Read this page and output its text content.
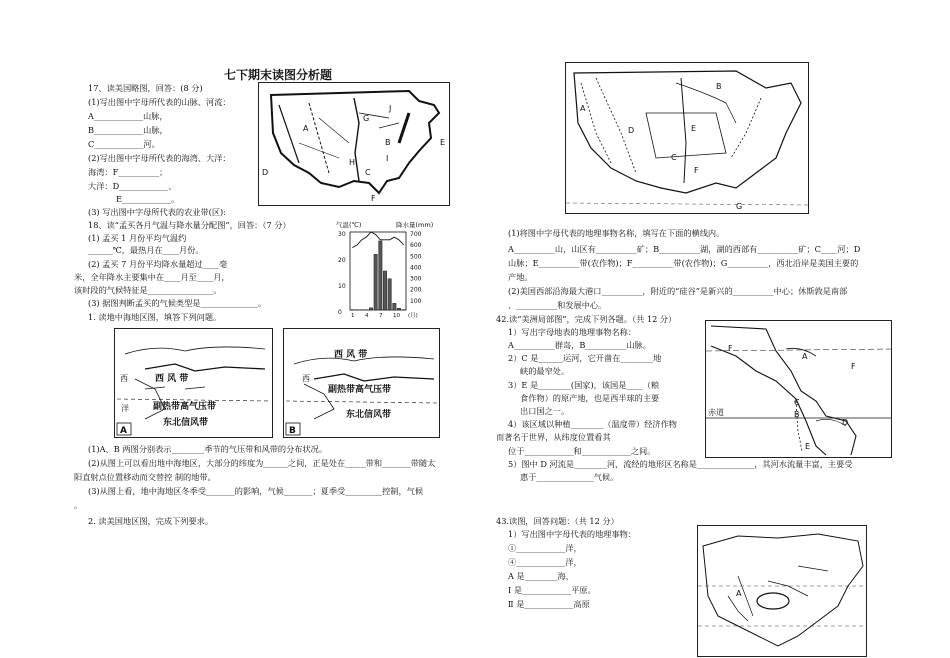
七下期末读图分析题
17、读美国略图，回答：(8 分)
(1)写出图中字母所代表的山脉、河流：
A____________山脉，
B____________山脉，
C____________河。
(2)写出图中字母所代表的海湾、大洋：
海湾：F__________；
大洋：D____________、
E____________。
(3) 写出图中字母所代表的农业带(区):
A
B
C
D
E
F
G
H	I
J
18、读“孟买各月气温与降水量分配图”，回答：（7 分）
(1) 孟买 1 月份平均气温约
______℃，最热月在____月份。
(2) 孟买 7 月份平均降水量超过____毫
米，全年降水主要集中在____月至____月，
该时段的气候特征是________________。
(3) 据图判断孟买的气候类型是______________。
气温(℃)	降水量(mm)
30
20
10
0
700
600
500
400
300
200
100
1 4 7 10 (月)
1. 读地中海地区图，填答下列问题。
A
西	西 风 带
副热带高气压带
东北信风带
洋
B
西
西 风 带
副热带高气压带
东北信风带
(1)A、B 两图分别表示________季节的气压带和风带的分布状况。
(2)从图上可以看出地中海地区，大部分的纬度为______之间，正是处在_____带和_______带随太
阳直射点位置移动而交替控 制的地带。
(3)从图上看，地中海地区冬季受_______的影响，气候_______；夏季受_________控制，气候
。
2. 读美国地区图，完成下列要求。
A
B
C
D	E
F
G
(1)将图中字母代表的地理事物名称，填写在下面的横线内。
A__________山，山区有__________矿；B__________湖，湖的西部有__________矿；C____河；D
山脉；E__________带(农作物)；F__________带(农作物)；G__________，西北沿岸是美国主要的
产地。
(2)美国西部沿海最大港口__________，附近的“硅谷”是新兴的__________中心；休斯敦是南部
、__________和发展中心。
42.读“美洲局部图”，完成下列各题。（共 12 分）
1）写出字母地表的地理事物名称：
A__________群岛，B__________山脉。
2）C 是______运河，它开凿在________地
峡的最窄处。
3）E 是________(国家)，该国是____（粮
食作物）的原产地，也是西半球的主要
出口国之一。
4）该区域以种植________（温度带）经济作物
而著名于世界，从纬度位置看其
位于____________和____________之间。
5）图中 D 河流是________河，流经的地形区名称是______________，其河水流量丰富，主要受
惠于______________气候。
F
A
F
C
B
D
E
赤道
43.读图，回答问题：（共 12 分）
1）写出图中字母代表的地理事物：
①____________洋，
④____________洋，
A 是________海，
Ⅰ 是____________平原。
Ⅱ 是____________高原
A
